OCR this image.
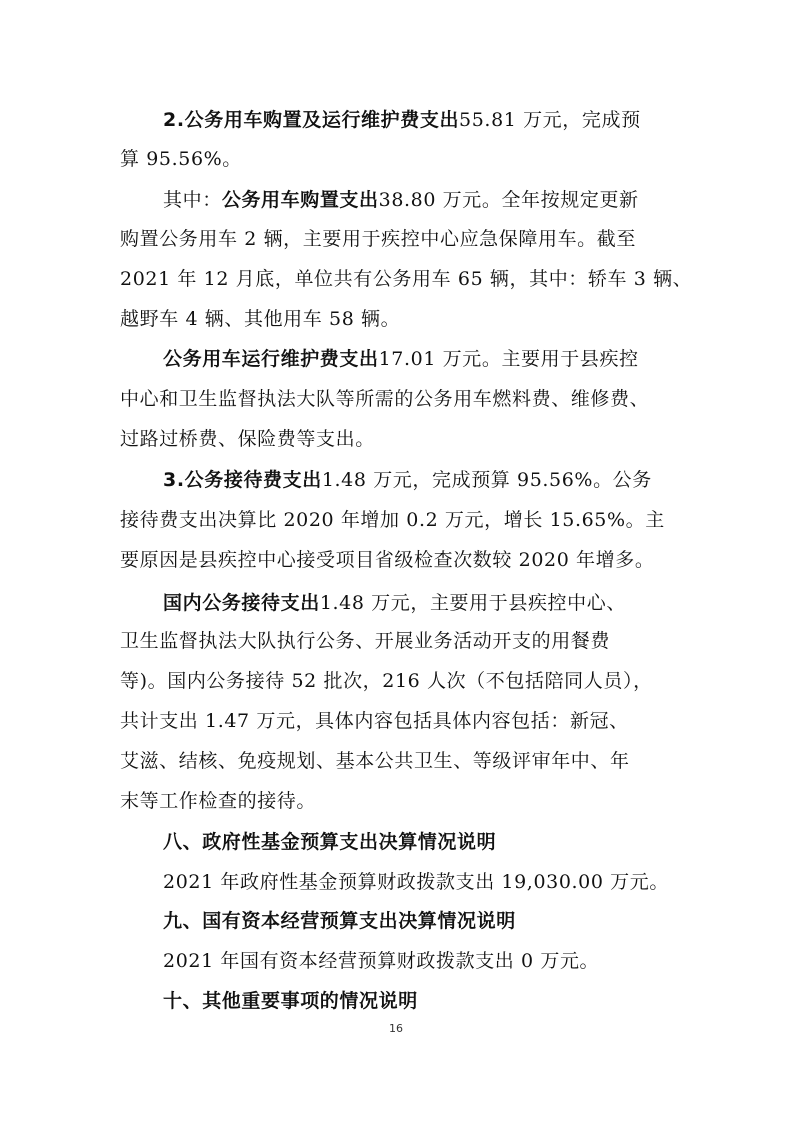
2.公务用车购置及运行维护费支出55.81 万元，完成预
算 95.56%。
其中：公务用车购置支出38.80 万元。全年按规定更新
购置公务用车 2 辆，主要用于疾控中心应急保障用车。截至
2021 年 12 月底，单位共有公务用车 65 辆，其中：轿车 3 辆、
越野车 4 辆、其他用车 58 辆。
公务用车运行维护费支出17.01 万元。主要用于县疾控
中心和卫生监督执法大队等所需的公务用车燃料费、维修费、
过路过桥费、保险费等支出。
3.公务接待费支出1.48 万元，完成预算 95.56%。公务
接待费支出决算比 2020 年增加 0.2 万元，增长 15.65%。主
要原因是县疾控中心接受项目省级检查次数较 2020 年增多。
国内公务接待支出1.48 万元，主要用于县疾控中心、
卫生监督执法大队执行公务、开展业务活动开支的用餐费
等)。国内公务接待 52 批次，216 人次（不包括陪同人员），
共计支出 1.47 万元，具体内容包括具体内容包括：新冠、
艾滋、结核、免疫规划、基本公共卫生、等级评审年中、年
末等工作检查的接待。
八、政府性基金预算支出决算情况说明
2021 年政府性基金预算财政拨款支出 19,030.00 万元。
九、国有资本经营预算支出决算情况说明
2021 年国有资本经营预算财政拨款支出 0 万元。
十、其他重要事项的情况说明
16
